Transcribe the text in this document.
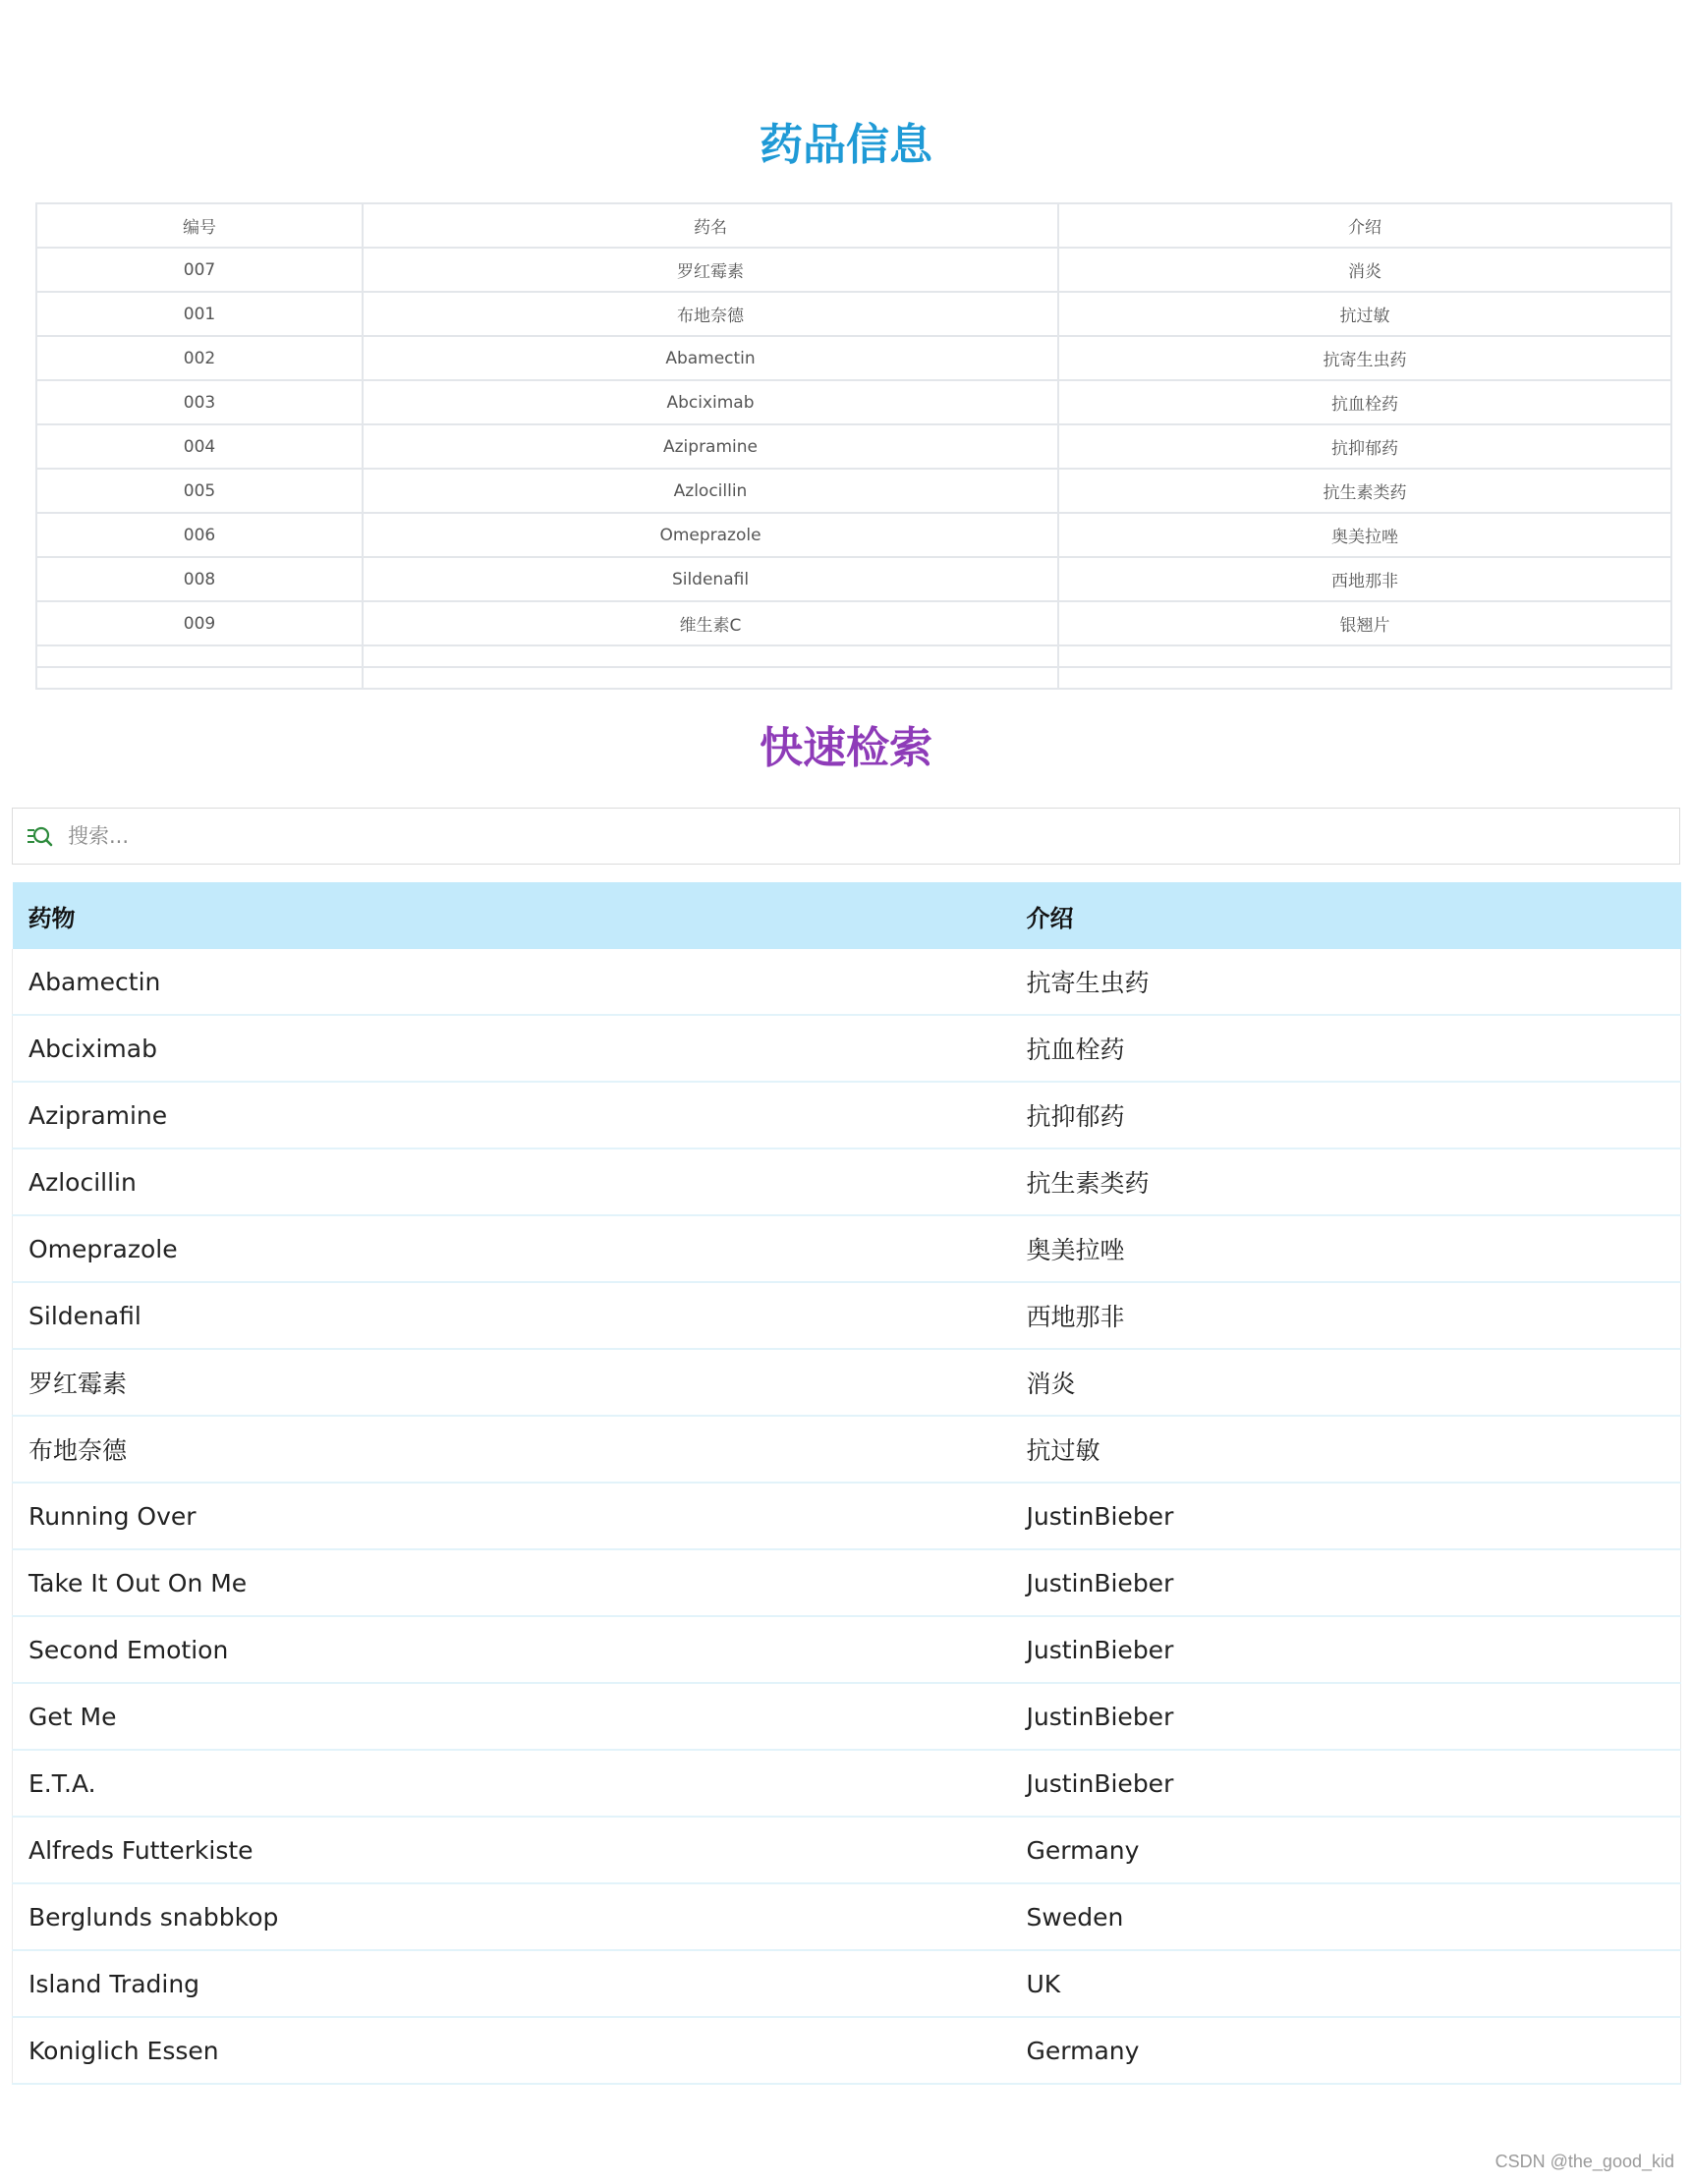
药品信息
编号	药名	介绍
007	罗红霉素	消炎
001	布地奈德	抗过敏
002	Abamectin	抗寄生虫药
003	Abciximab	抗血栓药
004	Azipramine	抗抑郁药
005	Azlocillin	抗生素类药
006	Omeprazole	奥美拉唑
008	Sildenafil	西地那非
009	维生素C	银翘片

快速检索
搜索...
药物	介绍
Abamectin	抗寄生虫药
Abciximab	抗血栓药
Azipramine	抗抑郁药
Azlocillin	抗生素类药
Omeprazole	奥美拉唑
Sildenafil	西地那非
罗红霉素	消炎
布地奈德	抗过敏
Running Over	JustinBieber
Take It Out On Me	JustinBieber
Second Emotion	JustinBieber
Get Me	JustinBieber
E.T.A.	JustinBieber
Alfreds Futterkiste	Germany
Berglunds snabbkop	Sweden
Island Trading	UK
Koniglich Essen	Germany
CSDN @the_good_kid
